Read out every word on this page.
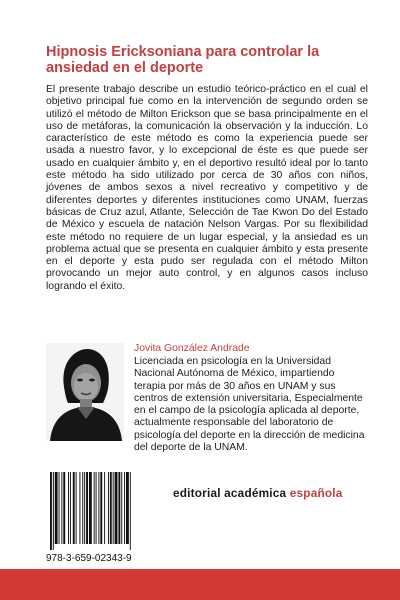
Hipnosis Ericksoniana para controlar la ansiedad en el deporte

El presente trabajo describe un estudio teórico-práctico en el cual el objetivo principal fue como en la intervención de segundo orden se utilizó el método de Milton Erickson que se basa principalmente en el uso de metáforas, la comunicación la observación y la inducción. Lo característico de este método es como la experiencia puede ser usada a nuestro favor, y lo excepcional de éste es que puede ser usado en cualquier ámbito y, en el deportivo resultó ideal por lo tanto este método ha sido utilizado por cerca de 30 años con niños, jóvenes de ambos sexos a nivel recreativo y competitivo y de diferentes deportes y diferentes instituciones como UNAM, fuerzas básicas de Cruz azul, Atlante, Selección de Tae Kwon Do del Estado de México y escuela de natación Nelson Vargas. Por su flexibilidad este método no requiere de un lugar especial, y la ansiedad es un problema actual que se presenta en cualquier ámbito y esta presente en el deporte y esta pudo ser regulada con el método Milton provocando un mejor auto control, y en algunos casos incluso logrando el éxito.

Jovita González Andrade

Licenciada en psicología en la Universidad Nacional Autónoma de México, impartiendo terapia por más de 30 años en UNAM y sus centros de extensión universitaria, Especialmente en el campo de la psicología aplicada al deporte, actualmente responsable del laboratorio de psicología del deporte en la dirección de medicina del deporte de la UNAM.

editorial académica española

978-3-659-02343-9
